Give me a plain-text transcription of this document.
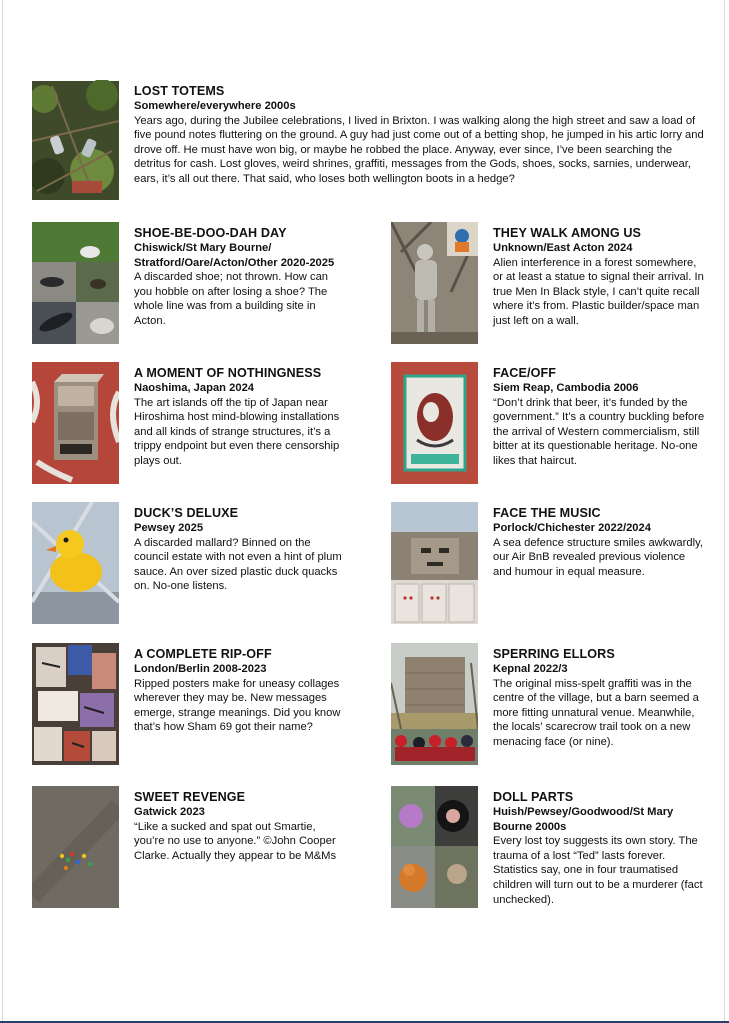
LOST TOTEMS
Somewhere/everywhere 2000s
Years ago, during the Jubilee celebrations, I lived in Brixton. I was walking along the high street and saw a load of five pound notes fluttering on the ground. A guy had just come out of a betting shop, he jumped in his artic lorry and drove off. He must have won big, or maybe he robbed the place. Anyway, ever since, I’ve been searching the detritus for cash. Lost gloves, weird shrines, graffiti, messages from the Gods, shoes, socks, sarnies, underwear, ears, it’s all out there. That said, who loses both wellington boots in a hedge?
SHOE-BE-DOO-DAH DAY
Chiswick/St Mary Bourne/ Stratford/Oare/Acton/Other 2020-2025
A discarded shoe; not thrown. How can you hobble on after losing a shoe? The whole line was from a building site in Acton.
THEY WALK AMONG US
Unknown/East Acton 2024
Alien interference in a forest somewhere, or at least a statue to signal their arrival. In true Men In Black style, I can’t quite recall where it’s from. Plastic builder/space man just left on a wall.
A MOMENT OF NOTHINGNESS
Naoshima, Japan 2024
The art islands off the tip of Japan near Hiroshima host mind-blowing installations and all kinds of strange structures, it’s a trippy endpoint but even there censorship plays out.
FACE/OFF
Siem Reap, Cambodia 2006
“Don’t drink that beer, it’s funded by the government.” It’s a country buckling before the arrival of Western commercialism, still bitter at its questionable heritage. No-one likes that haircut.
DUCK’S DELUXE
Pewsey 2025
A discarded mallard? Binned on the council estate with not even a hint of plum sauce. An over sized plastic duck quacks on. No-one listens.
FACE THE MUSIC
Porlock/Chichester 2022/2024
A sea defence structure smiles awkwardly, our Air BnB revealed previous violence and humour in equal measure.
A COMPLETE RIP-OFF
London/Berlin 2008-2023
Ripped posters make for uneasy collages wherever they may be. New messages emerge, strange meanings. Did you know that’s how Sham 69 got their name?
SPERRING ELLORS
Kepnal 2022/3
The original miss-spelt graffiti was in the centre of the village, but a barn seemed a more fitting unnatural venue. Meanwhile, the locals’ scarecrow trail took on a new menacing face (or nine).
SWEET REVENGE
Gatwick 2023
“Like a sucked and spat out Smartie, you’re no use to anyone.” ©John Cooper Clarke. Actually they appear to be M&Ms
DOLL PARTS
Huish/Pewsey/Goodwood/St Mary Bourne 2000s
Every lost toy suggests its own story. The trauma of a lost “Ted” lasts forever. Statistics say, one in four traumatised children will turn out to be a murderer (fact unchecked).
